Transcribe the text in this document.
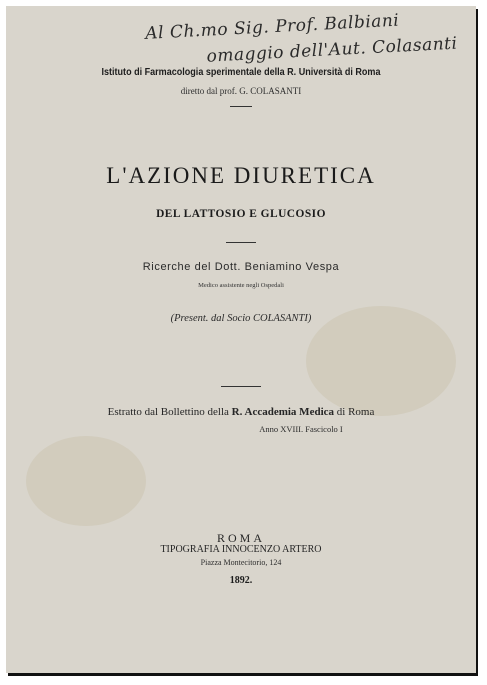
Al Ch.mo Sig. Prof. Balbiani
omaggio dell'Aut. Colasanti
Istituto di Farmacologia sperimentale della R. Università di Roma
diretto dal prof. G. COLASANTI
L'AZIONE DIURETICA
DEL LATTOSIO E GLUCOSIO
Ricerche del Dott. Beniamino Vespa
Medico assistente negli Ospedali
(Present. dal Socio COLASANTI)
Estratto dal Bollettino della R. Accademia Medica di Roma
Anno XVIII. Fascicolo I
ROMA
TIPOGRAFIA INNOCENZO ARTERO
Piazza Montecitorio, 124
1892.
